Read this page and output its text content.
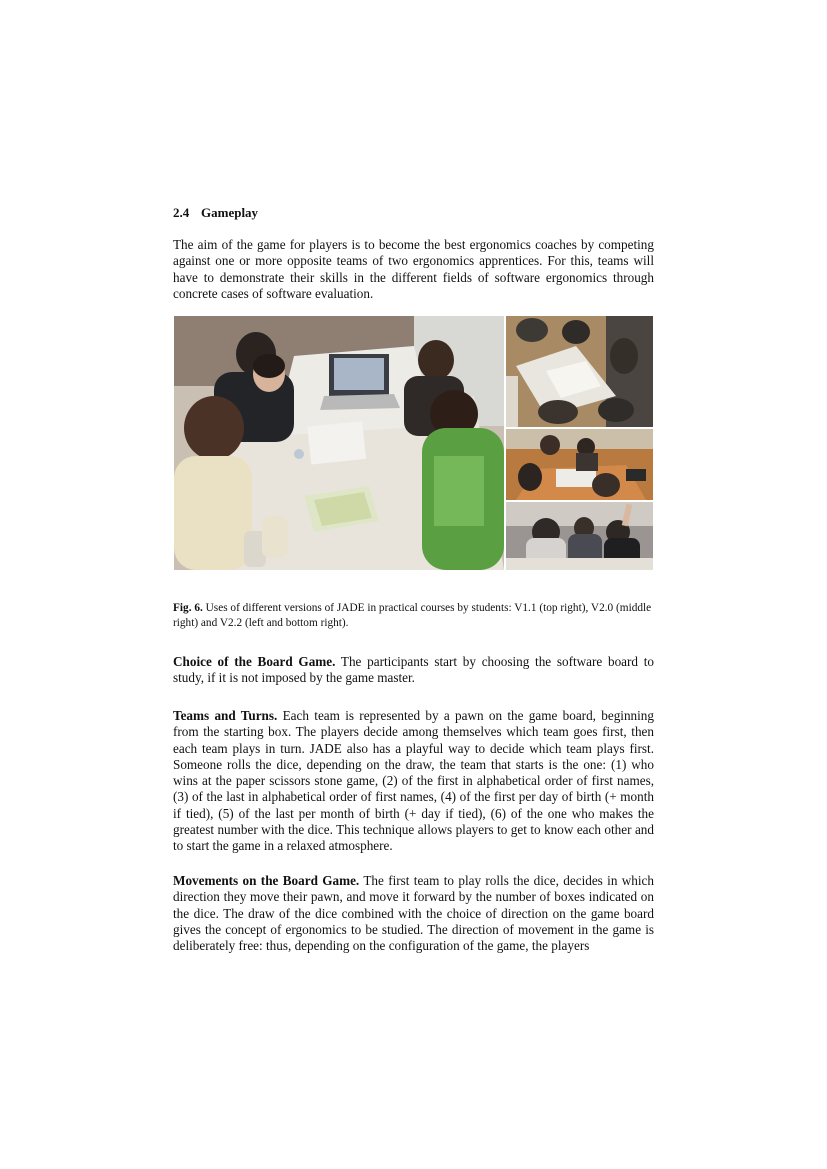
2.4 Gameplay

The aim of the game for players is to become the best ergonomics coaches by competing against one or more opposite teams of two ergonomics apprentices. For this, teams will have to demonstrate their skills in the different fields of software ergonomics through concrete cases of software evaluation.

Fig. 6. Uses of different versions of JADE in practical courses by students: V1.1 (top right), V2.0 (middle right) and V2.2 (left and bottom right).

Choice of the Board Game. The participants start by choosing the software board to study, if it is not imposed by the game master.

Teams and Turns. Each team is represented by a pawn on the game board, beginning from the starting box. The players decide among themselves which team goes first, then each team plays in turn. JADE also has a playful way to decide which team plays first. Someone rolls the dice, depending on the draw, the team that starts is the one: (1) who wins at the paper scissors stone game, (2) of the first in alphabetical order of first names, (3) of the last in alphabetical order of first names, (4) of the first per day of birth (+ month if tied), (5) of the last per month of birth (+ day if tied), (6) of the one who makes the greatest number with the dice. This technique allows players to get to know each other and to start the game in a relaxed atmosphere.

Movements on the Board Game. The first team to play rolls the dice, decides in which direction they move their pawn, and move it forward by the number of boxes indicated on the dice. The draw of the dice combined with the choice of direction on the game board gives the concept of ergonomics to be studied. The direction of movement in the game is deliberately free: thus, depending on the configuration of the game, the players
